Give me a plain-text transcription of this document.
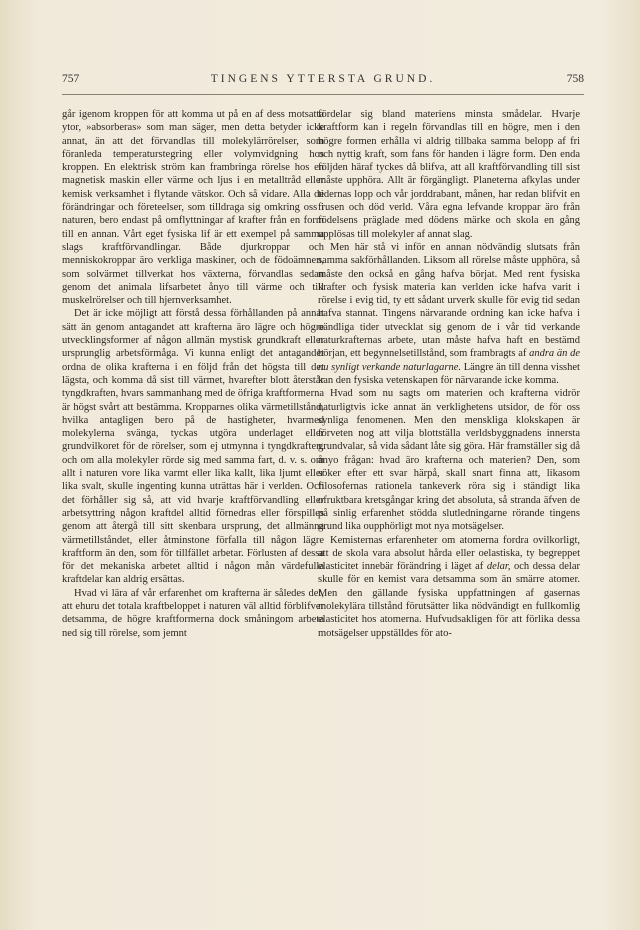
757	TINGENS YTTERSTA GRUND.	758

går igenom kroppen för att komma ut på en af dess motsatta ytor, »absorberas» som man säger, men detta betyder icke annat, än att det förvandlas till molekylärrörelser, som föranleda temperaturstegring eller volymvidgning hos kroppen. En elektrisk ström kan frambringa rörelse hos en magnetisk maskin eller värme och ljus i en metalltråd eller kemisk verksamhet i flytande vätskor. Och så vidare. Alla de förändringar och företeelser, som tilldraga sig omkring oss i naturen, bero endast på omflyttningar af krafter från en form till en annan. Vårt eget fysiska lif är ett exempel på samma slags kraftförvandlingar. Både djurkroppar och menniskokroppar äro verkliga maskiner, och de födoämnen, som solvärmet tillverkat hos växterna, förvandlas sedan genom det animala lifsarbetet ånyo till värme och till muskelrörelser och till hjernverksamhet.

Det är icke möjligt att förstå dessa förhållanden på annat sätt än genom antagandet att krafterna äro lägre och högre utvecklingsformer af någon allmän mystisk grundkraft eller ursprunglig arbetsförmåga. Vi kunna enligt det antagandet ordna de olika krafterna i en följd från det högsta till det lägsta, och komma då sist till värmet, hvarefter blott återstår tyngdkraften, hvars sammanhang med de öfriga kraftformerna är högst svårt att bestämma. Kropparnes olika värmetillstånd, hvilka antagligen bero på de hastigheter, hvarmed molekylerna svänga, tyckas utgöra underlaget eller grundvilkoret för de rörelser, som ej utmynna i tyngdkraften, och om alla molekyler rörde sig med samma fart, d. v. s. om allt i naturen vore lika varmt eller lika kallt, lika ljumt eller lika svalt, skulle ingenting kunna uträttas här i verlden. Och det förhåller sig så, att vid hvarje kraftförvandling eller arbetsyttring någon kraftdel alltid förnedras eller förspilles genom att återgå till sitt skenbara ursprung, det allmänna värmetillståndet, eller åtminstone förfalla till någon lägre kraftform än den, som för tillfället arbetar. Förlusten af dessa för det mekaniska arbetet alltid i någon mån värdefulla kraftdelar kan aldrig ersättas.

Hvad vi lära af vår erfarenhet om krafterna är således det, att ehuru det totala kraftbeloppet i naturen väl alltid förblifver detsamma, de högre kraftformerna dock småningom arbeta ned sig till rörelse, som jemnt

fördelar sig bland materiens minsta smådelar. Hvarje kraftform kan i regeln förvandlas till en högre, men i den högre formen erhålla vi aldrig tillbaka samma belopp af fri och nyttig kraft, som fans för handen i lägre form. Den enda följden häraf tyckes då blifva, att all kraftförvandling till sist måste upphöra. Allt är förgängligt. Planeterna afkylas under tidernas lopp och vår jorddrabant, månen, har redan blifvit en frusen och död verld. Våra egna lefvande kroppar äro från födelsens präglade med dödens märke och skola en gång upplösas till molekyler af annat slag.

Men här stå vi inför en annan nödvändig slutsats från samma sakförhållanden. Liksom all rörelse måste upphöra, så måste den också en gång hafva börjat. Med rent fysiska krafter och fysisk materia kan verlden icke hafva varit i rörelse i evig tid, ty ett sådant urverk skulle för evig tid sedan hafva stannat. Tingens närvarande ordning kan icke hafva i oändliga tider utvecklat sig genom de i vår tid verkande naturkrafternas arbete, utan måste hafva haft en bestämd början, ett begynnelsetillstånd, som frambragts af andra än de nu synligt verkande naturlagarne. Längre än till denna visshet kan den fysiska vetenskapen för närvarande icke komma.

Hvad som nu sagts om materien och krafterna vidrör naturligtvis icke annat än verklighetens utsidor, de för oss synliga fenomenen. Men den menskliga klokskapen är förveten nog att vilja blottställa verldsbyggnadens innersta grundvalar, så vida sådant låte sig göra. Här framställer sig då ånyo frågan: hvad äro krafterna och materien? Den, som söker efter ett svar härpå, skall snart finna att, likasom filosofernas rationela tankeverk röra sig i ständigt lika ofruktbara kretsgångar kring det absoluta, så stranda äfven de på sinlig erfarenhet stödda slutledningarne rörande tingens grund lika oupphörligt mot nya motsägelser.

Kemisternas erfarenheter om atomerna fordra ovilkorligt, att de skola vara absolut hårda eller oelastiska, ty begreppet elasticitet innebär förändring i läget af delar, och dessa delar skulle för en kemist vara detsamma som än smärre atomer. Men den gällande fysiska uppfattningen af gasernas molekylära tillstånd förutsätter lika nödvändigt en fullkomlig elasticitet hos atomerna. Hufvudsakligen för att förlika dessa motsägelser uppställdes för ato-
